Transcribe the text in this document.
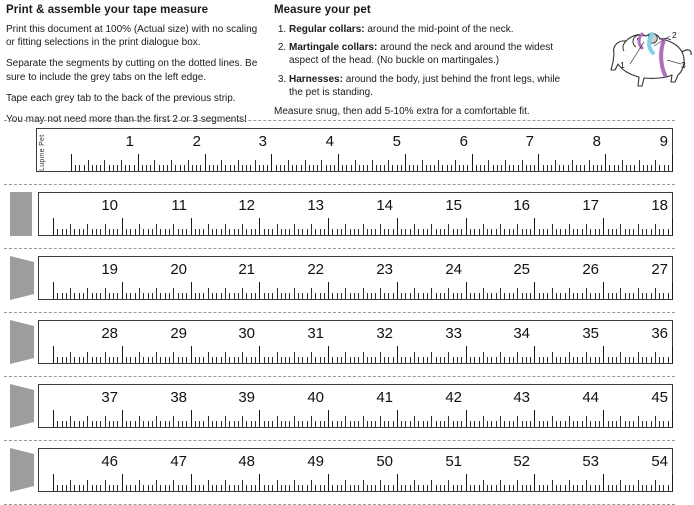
Print & assemble your tape measure

Print this document at 100% (Actual size) with no scaling or fitting selections in the print dialogue box.

Separate the segments by cutting on the dotted lines. Be sure to include the grey tabs on the left edge.

Tape each grey tab to the back of the previous strip.

You may not need more than the first 2 or 3 segments!

Measure your pet
1. Regular collars: around the mid-point of the neck.
2. Martingale collars: around the neck and around the widest aspect of the head. (No buckle on martingales.)
3. Harnesses: around the body, just behind the front legs, while the pet is standing.

Measure snug, then add 5-10% extra for a comfortable fit.

2
1	3
Lupine Pet	1	2	3	4	5	6	7	8	9
10	11	12	13	14	15	16	17	18
19	20	21	22	23	24	25	26	27
28	29	30	31	32	33	34	35	36
37	38	39	40	41	42	43	44	45
46	47	48	49	50	51	52	53	54
